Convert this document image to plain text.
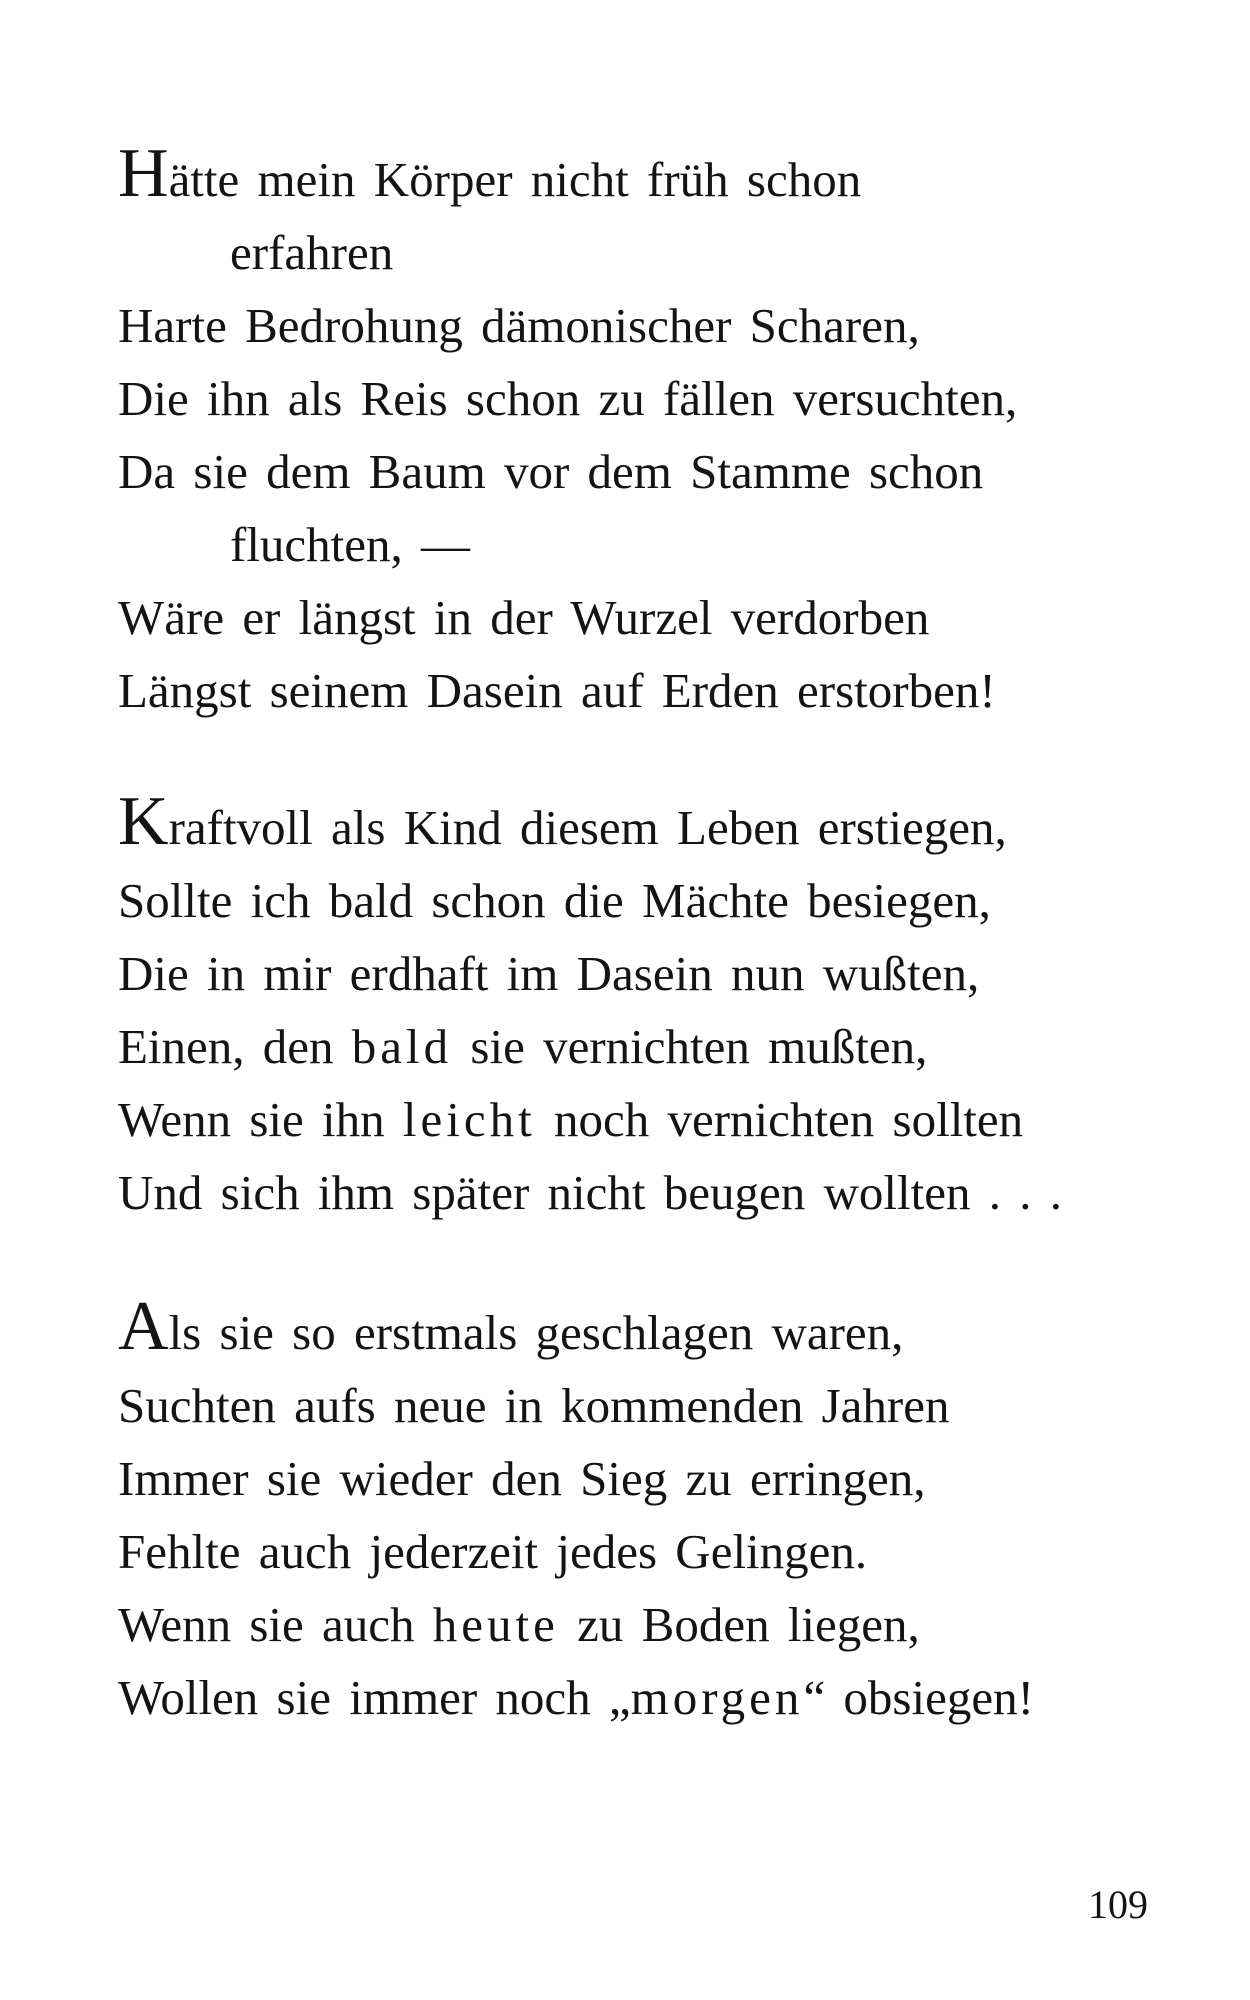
Hätte mein Körper nicht früh schon
erfahren
Harte Bedrohung dämonischer Scharen,
Die ihn als Reis schon zu fällen versuchten,
Da sie dem Baum vor dem Stamme schon
fluchten, —
Wäre er längst in der Wurzel verdorben
Längst seinem Dasein auf Erden erstorben!
Kraftvoll als Kind diesem Leben erstiegen,
Sollte ich bald schon die Mächte besiegen,
Die in mir erdhaft im Dasein nun wußten,
Einen, den bald sie vernichten mußten,
Wenn sie ihn leicht noch vernichten sollten
Und sich ihm später nicht beugen wollten . . .
Als sie so erstmals geschlagen waren,
Suchten aufs neue in kommenden Jahren
Immer sie wieder den Sieg zu erringen,
Fehlte auch jederzeit jedes Gelingen.
Wenn sie auch heute zu Boden liegen,
Wollen sie immer noch „morgen“ obsiegen!
109
